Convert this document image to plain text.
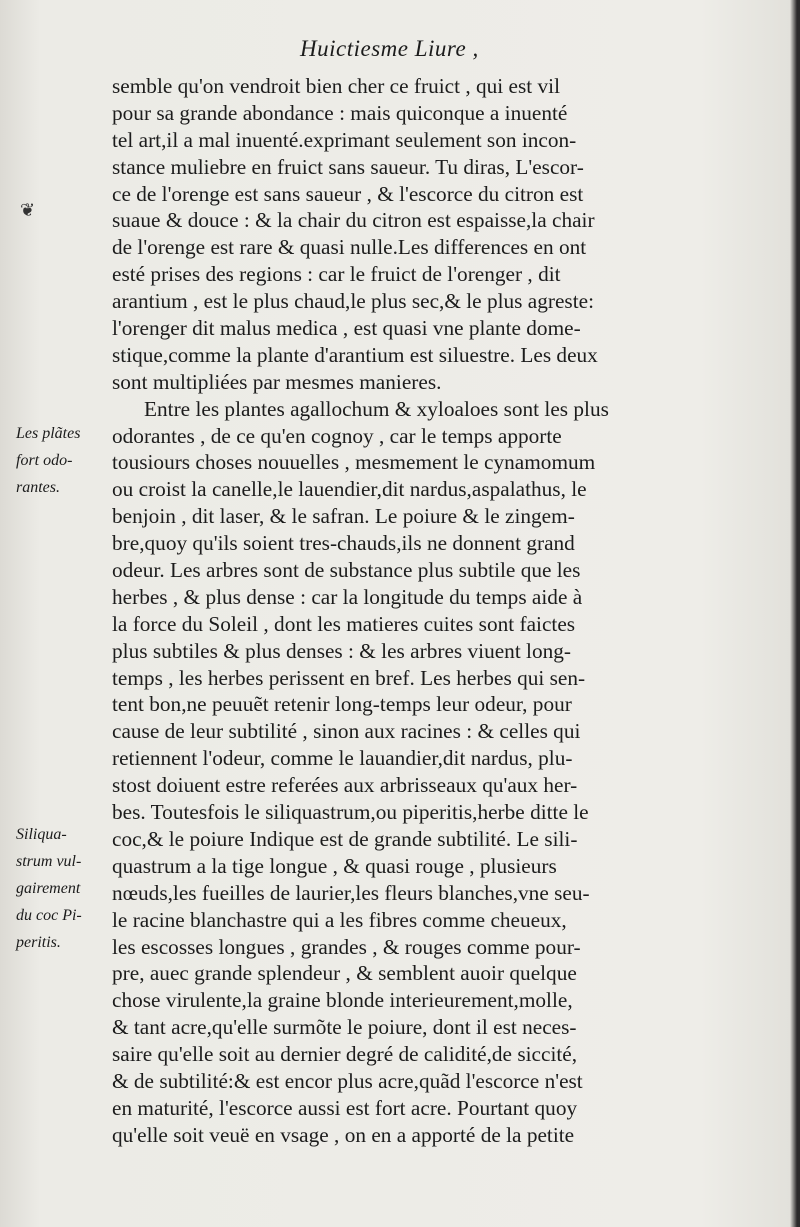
Huictiesme Liure ,
❦
Les plãtes
fort odo-
rantes.
Siliqua-
strum vul-
gairement
du coc Pi-
peritis.
semble qu'on vendroit bien cher ce fruict , qui est vil
pour sa grande abondance : mais quiconque a inuenté
tel art,il a mal inuenté.exprimant seulement son incon-
stance muliebre en fruict sans saueur. Tu diras, L'escor-
ce de l'orenge est sans saueur , & l'escorce du citron est
suaue & douce : & la chair du citron est espaisse,la chair
de l'orenge est rare & quasi nulle.Les differences en ont
esté prises des regions : car le fruict de l'orenger , dit
arantium , est le plus chaud,le plus sec,& le plus agreste:
l'orenger dit malus medica , est quasi vne plante dome-
stique,comme la plante d'arantium est siluestre. Les deux
sont multipliées par mesmes manieres.
Entre les plantes agallochum & xyloaloes sont les plus
odorantes , de ce qu'en cognoy , car le temps apporte
tousiours choses nouuelles , mesmement le cynamomum
ou croist la canelle,le lauendier,dit nardus,aspalathus, le
benjoin , dit laser, & le safran. Le poiure & le zingem-
bre,quoy qu'ils soient tres-chauds,ils ne donnent grand
odeur. Les arbres sont de substance plus subtile que les
herbes , & plus dense : car la longitude du temps aide à
la force du Soleil , dont les matieres cuites sont faictes
plus subtiles & plus denses : & les arbres viuent long-
temps , les herbes perissent en bref. Les herbes qui sen-
tent bon,ne peuuẽt retenir long-temps leur odeur, pour
cause de leur subtilité , sinon aux racines : & celles qui
retiennent l'odeur, comme le lauandier,dit nardus, plu-
stost doiuent estre referées aux arbrisseaux qu'aux her-
bes. Toutesfois le siliquastrum,ou piperitis,herbe ditte le
coc,& le poiure Indique est de grande subtilité. Le sili-
quastrum a la tige longue , & quasi rouge , plusieurs
nœuds,les fueilles de laurier,les fleurs blanches,vne seu-
le racine blanchastre qui a les fibres comme cheueux,
les escosses longues , grandes , & rouges comme pour-
pre, auec grande splendeur , & semblent auoir quelque
chose virulente,la graine blonde interieurement,molle,
& tant acre,qu'elle surmõte le poiure, dont il est neces-
saire qu'elle soit au dernier degré de calidité,de siccité,
& de subtilité:& est encor plus acre,quãd l'escorce n'est
en maturité, l'escorce aussi est fort acre. Pourtant quoy
qu'elle soit veuë en vsage , on en a apporté de la petite
